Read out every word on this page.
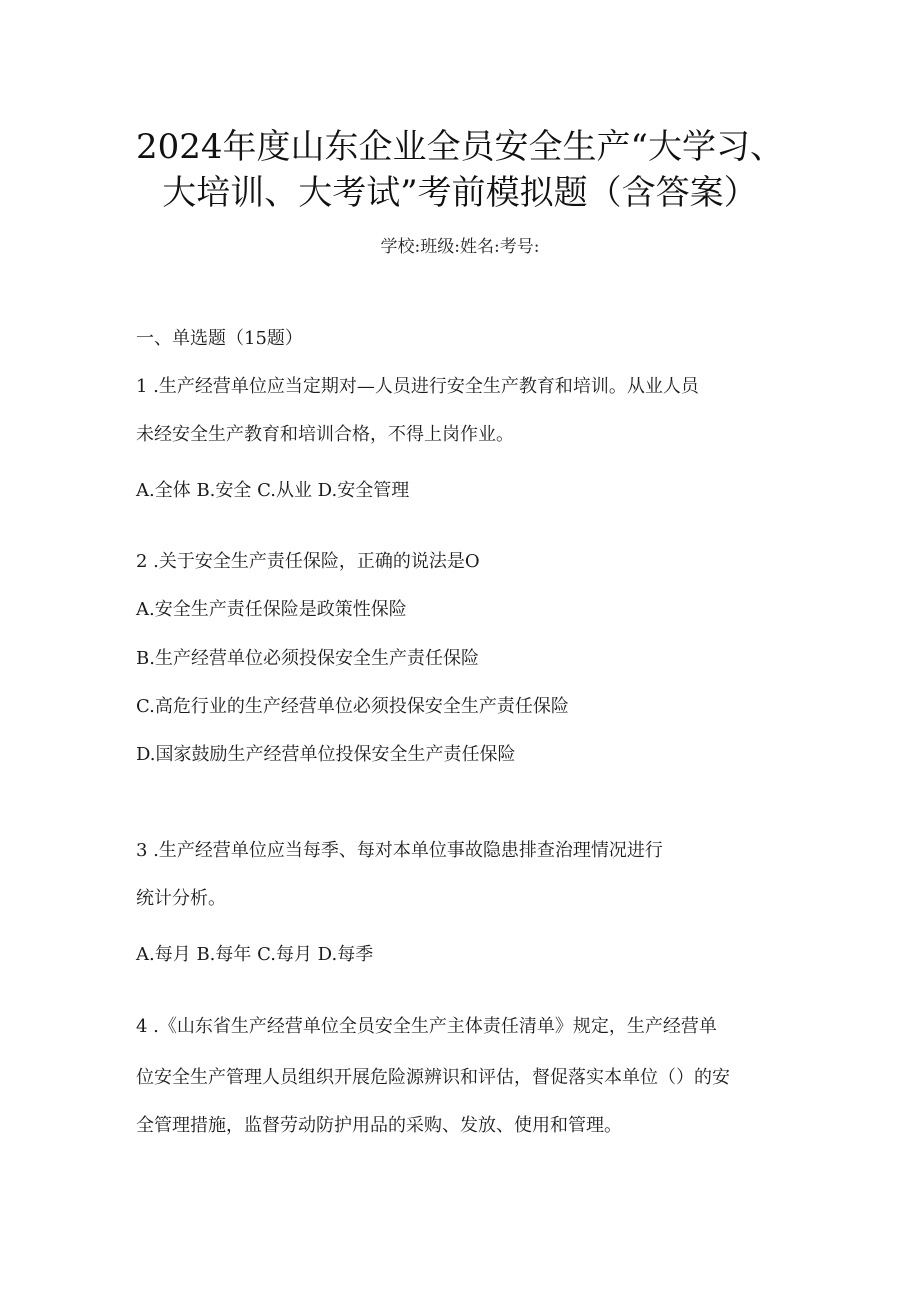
2024年度山东企业全员安全生产“大学习、
大培训、大考试”考前模拟题（含答案）
学校:班级:姓名:考号:
一、单选题（15题）
1 .生产经营单位应当定期对—人员进行安全生产教育和培训。从业人员
未经安全生产教育和培训合格，不得上岗作业。
A.全体 B.安全 C.从业 D.安全管理
2 .关于安全生产责任保险，正确的说法是O
A.安全生产责任保险是政策性保险
B.生产经营单位必须投保安全生产责任保险
C.高危行业的生产经营单位必须投保安全生产责任保险
D.国家鼓励生产经营单位投保安全生产责任保险
3 .生产经营单位应当每季、每对本单位事故隐患排查治理情况进行
统计分析。
A.每月 B.每年 C.每月 D.每季
4 .《山东省生产经营单位全员安全生产主体责任清单》规定，生产经营单
位安全生产管理人员组织开展危险源辨识和评估，督促落实本单位（）的安
全管理措施，监督劳动防护用品的采购、发放、使用和管理。
